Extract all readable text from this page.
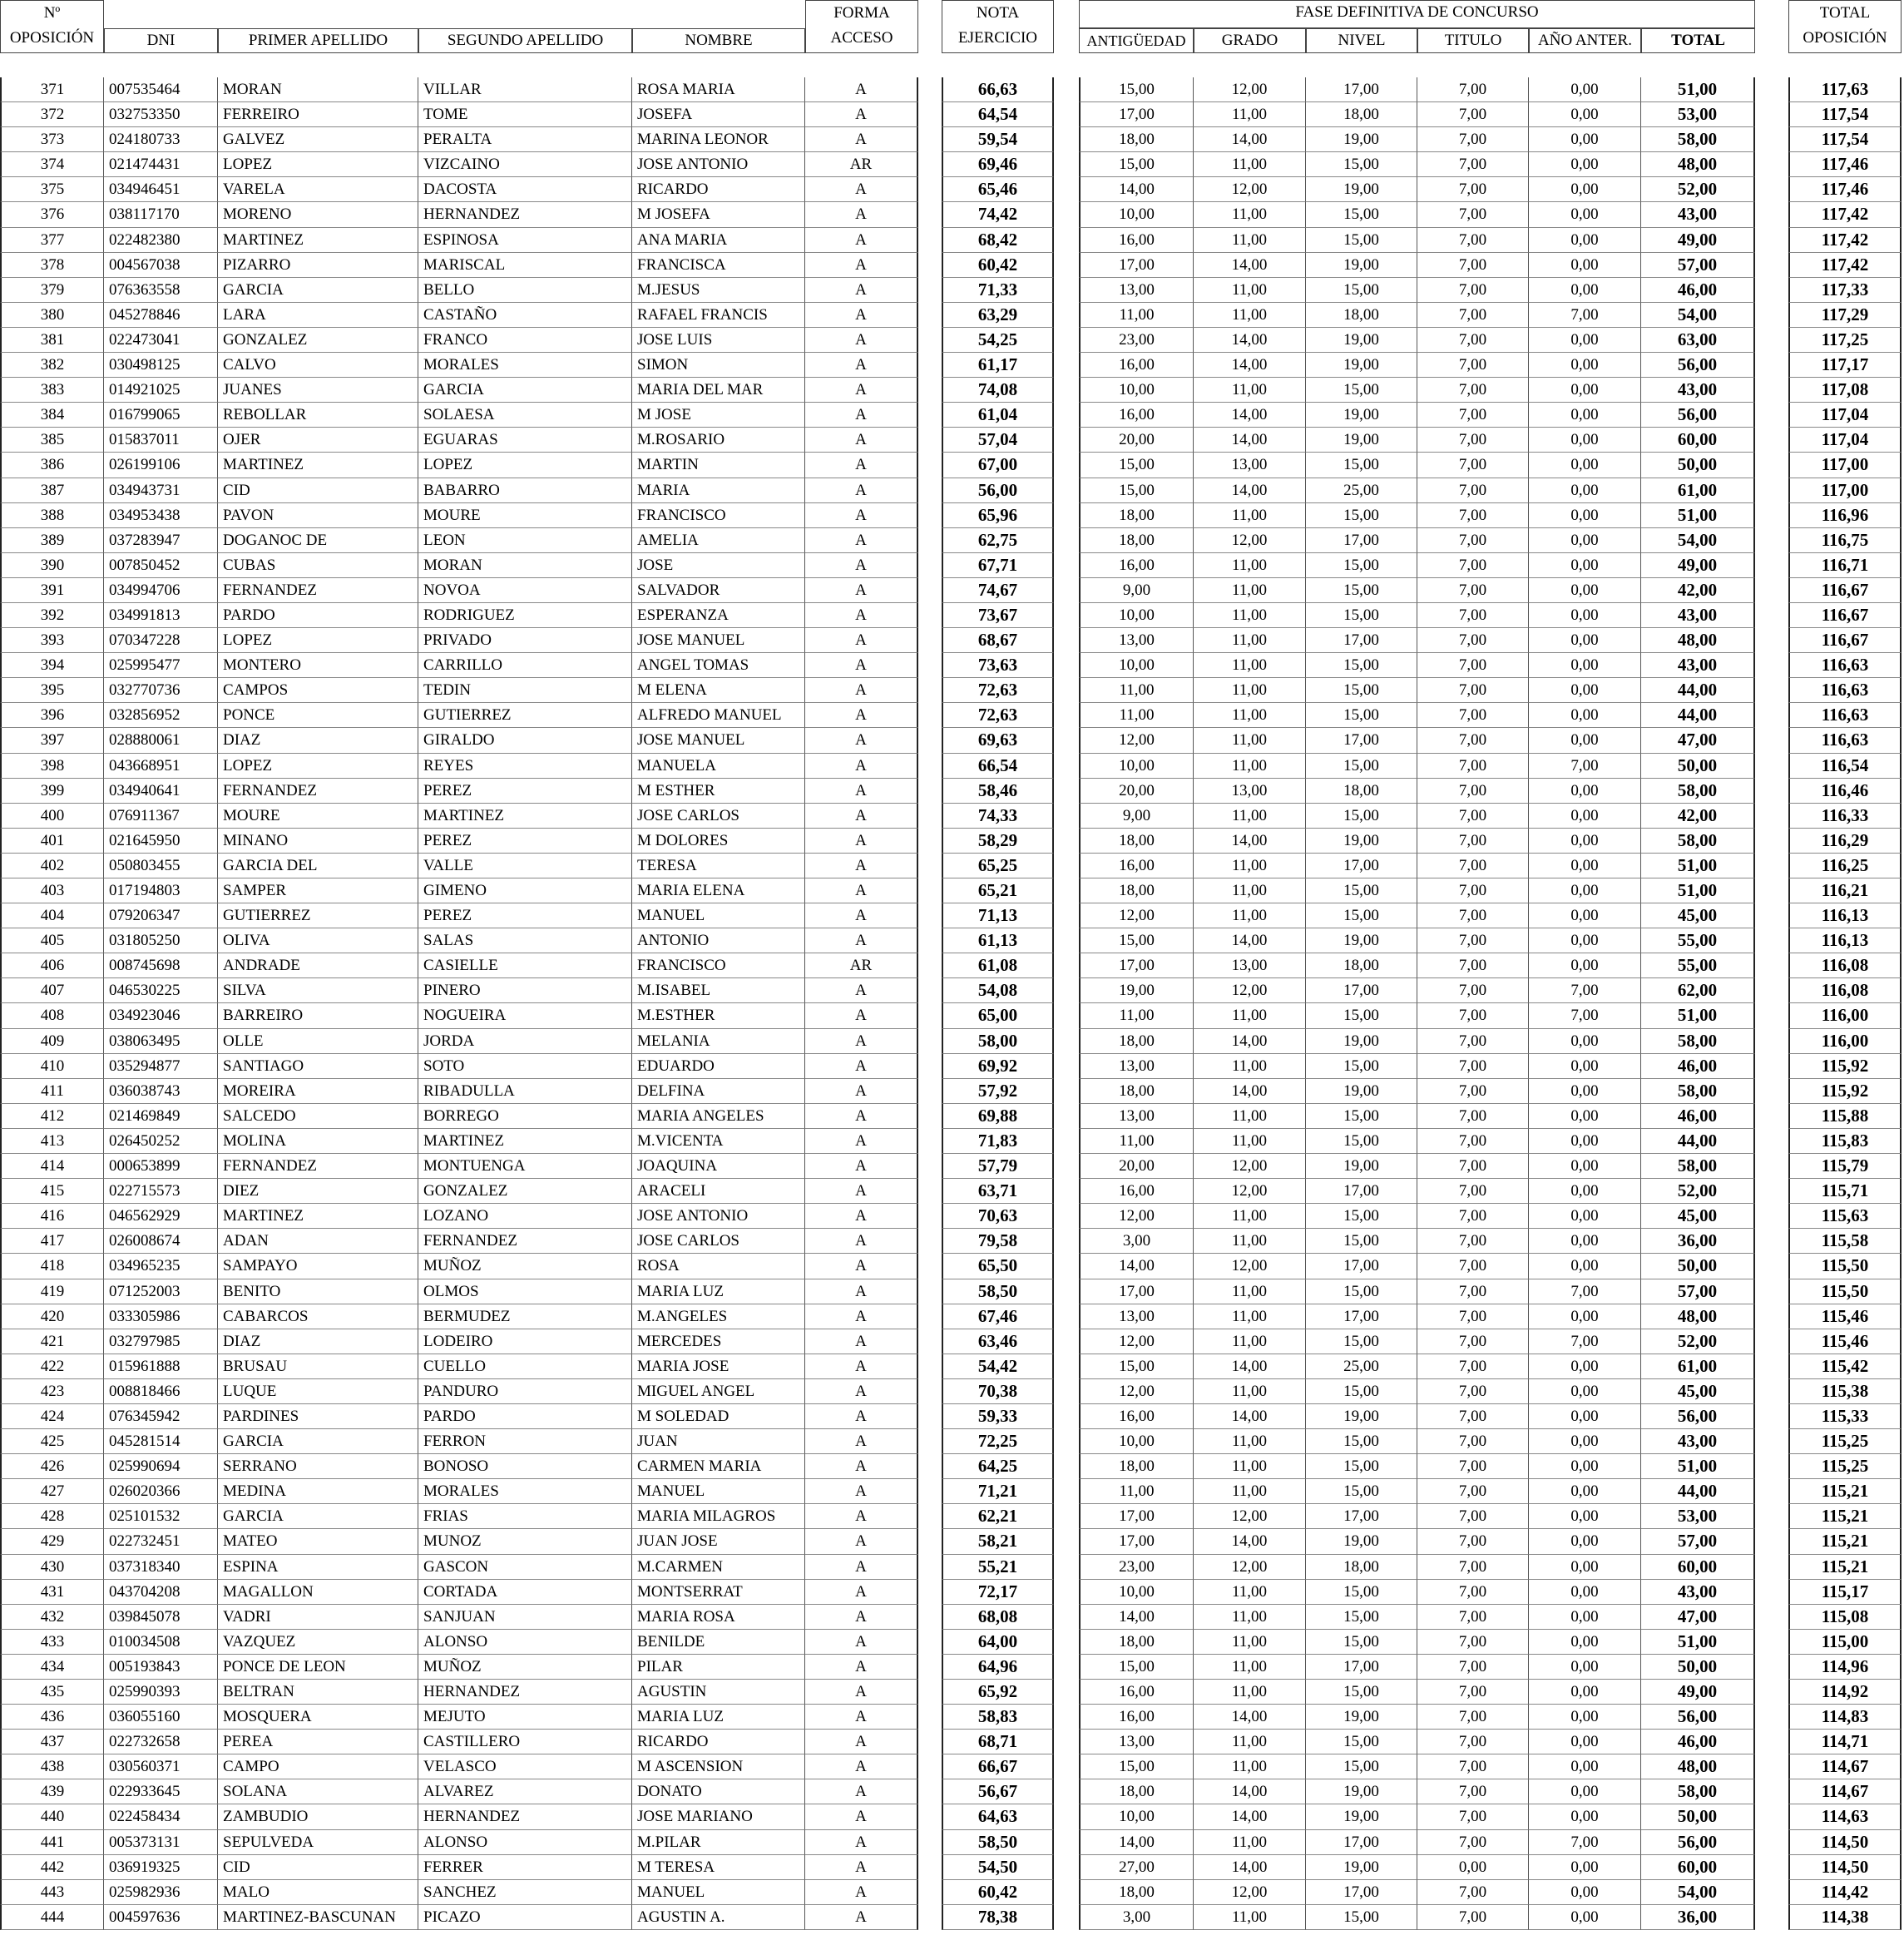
Nº
OPOSICIÓN	DNI	PRIMER APELLIDO	SEGUNDO APELLIDO	NOMBRE
FORMA
ACCESO
NOTA
EJERCICIO
FASE DEFINITIVA DE CONCURSO
ANTIGÜEDAD	GRADO	NIVEL	TITULO	AÑO ANTER.	TOTAL
TOTAL
OPOSICIÓN
371	007535464	MORAN	VILLAR	ROSA MARIA	A	66,63	15,00	12,00	17,00	7,00	0,00	51,00	117,63
372	032753350	FERREIRO	TOME	JOSEFA	A	64,54	17,00	11,00	18,00	7,00	0,00	53,00	117,54
373	024180733	GALVEZ	PERALTA	MARINA LEONOR	A	59,54	18,00	14,00	19,00	7,00	0,00	58,00	117,54
374	021474431	LOPEZ	VIZCAINO	JOSE ANTONIO	AR	69,46	15,00	11,00	15,00	7,00	0,00	48,00	117,46
375	034946451	VARELA	DACOSTA	RICARDO	A	65,46	14,00	12,00	19,00	7,00	0,00	52,00	117,46
376	038117170	MORENO	HERNANDEZ	M JOSEFA	A	74,42	10,00	11,00	15,00	7,00	0,00	43,00	117,42
377	022482380	MARTINEZ	ESPINOSA	ANA MARIA	A	68,42	16,00	11,00	15,00	7,00	0,00	49,00	117,42
378	004567038	PIZARRO	MARISCAL	FRANCISCA	A	60,42	17,00	14,00	19,00	7,00	0,00	57,00	117,42
379	076363558	GARCIA	BELLO	M.JESUS	A	71,33	13,00	11,00	15,00	7,00	0,00	46,00	117,33
380	045278846	LARA	CASTAÑO	RAFAEL FRANCIS	A	63,29	11,00	11,00	18,00	7,00	7,00	54,00	117,29
381	022473041	GONZALEZ	FRANCO	JOSE LUIS	A	54,25	23,00	14,00	19,00	7,00	0,00	63,00	117,25
382	030498125	CALVO	MORALES	SIMON	A	61,17	16,00	14,00	19,00	7,00	0,00	56,00	117,17
383	014921025	JUANES	GARCIA	MARIA DEL MAR	A	74,08	10,00	11,00	15,00	7,00	0,00	43,00	117,08
384	016799065	REBOLLAR	SOLAESA	M JOSE	A	61,04	16,00	14,00	19,00	7,00	0,00	56,00	117,04
385	015837011	OJER	EGUARAS	M.ROSARIO	A	57,04	20,00	14,00	19,00	7,00	0,00	60,00	117,04
386	026199106	MARTINEZ	LOPEZ	MARTIN	A	67,00	15,00	13,00	15,00	7,00	0,00	50,00	117,00
387	034943731	CID	BABARRO	MARIA	A	56,00	15,00	14,00	25,00	7,00	0,00	61,00	117,00
388	034953438	PAVON	MOURE	FRANCISCO	A	65,96	18,00	11,00	15,00	7,00	0,00	51,00	116,96
389	037283947	DOGANOC DE	LEON	AMELIA	A	62,75	18,00	12,00	17,00	7,00	0,00	54,00	116,75
390	007850452	CUBAS	MORAN	JOSE	A	67,71	16,00	11,00	15,00	7,00	0,00	49,00	116,71
391	034994706	FERNANDEZ	NOVOA	SALVADOR	A	74,67	9,00	11,00	15,00	7,00	0,00	42,00	116,67
392	034991813	PARDO	RODRIGUEZ	ESPERANZA	A	73,67	10,00	11,00	15,00	7,00	0,00	43,00	116,67
393	070347228	LOPEZ	PRIVADO	JOSE MANUEL	A	68,67	13,00	11,00	17,00	7,00	0,00	48,00	116,67
394	025995477	MONTERO	CARRILLO	ANGEL TOMAS	A	73,63	10,00	11,00	15,00	7,00	0,00	43,00	116,63
395	032770736	CAMPOS	TEDIN	M ELENA	A	72,63	11,00	11,00	15,00	7,00	0,00	44,00	116,63
396	032856952	PONCE	GUTIERREZ	ALFREDO MANUEL	A	72,63	11,00	11,00	15,00	7,00	0,00	44,00	116,63
397	028880061	DIAZ	GIRALDO	JOSE MANUEL	A	69,63	12,00	11,00	17,00	7,00	0,00	47,00	116,63
398	043668951	LOPEZ	REYES	MANUELA	A	66,54	10,00	11,00	15,00	7,00	7,00	50,00	116,54
399	034940641	FERNANDEZ	PEREZ	M ESTHER	A	58,46	20,00	13,00	18,00	7,00	0,00	58,00	116,46
400	076911367	MOURE	MARTINEZ	JOSE CARLOS	A	74,33	9,00	11,00	15,00	7,00	0,00	42,00	116,33
401	021645950	MINANO	PEREZ	M DOLORES	A	58,29	18,00	14,00	19,00	7,00	0,00	58,00	116,29
402	050803455	GARCIA DEL	VALLE	TERESA	A	65,25	16,00	11,00	17,00	7,00	0,00	51,00	116,25
403	017194803	SAMPER	GIMENO	MARIA ELENA	A	65,21	18,00	11,00	15,00	7,00	0,00	51,00	116,21
404	079206347	GUTIERREZ	PEREZ	MANUEL	A	71,13	12,00	11,00	15,00	7,00	0,00	45,00	116,13
405	031805250	OLIVA	SALAS	ANTONIO	A	61,13	15,00	14,00	19,00	7,00	0,00	55,00	116,13
406	008745698	ANDRADE	CASIELLE	FRANCISCO	AR	61,08	17,00	13,00	18,00	7,00	0,00	55,00	116,08
407	046530225	SILVA	PINERO	M.ISABEL	A	54,08	19,00	12,00	17,00	7,00	7,00	62,00	116,08
408	034923046	BARREIRO	NOGUEIRA	M.ESTHER	A	65,00	11,00	11,00	15,00	7,00	7,00	51,00	116,00
409	038063495	OLLE	JORDA	MELANIA	A	58,00	18,00	14,00	19,00	7,00	0,00	58,00	116,00
410	035294877	SANTIAGO	SOTO	EDUARDO	A	69,92	13,00	11,00	15,00	7,00	0,00	46,00	115,92
411	036038743	MOREIRA	RIBADULLA	DELFINA	A	57,92	18,00	14,00	19,00	7,00	0,00	58,00	115,92
412	021469849	SALCEDO	BORREGO	MARIA ANGELES	A	69,88	13,00	11,00	15,00	7,00	0,00	46,00	115,88
413	026450252	MOLINA	MARTINEZ	M.VICENTA	A	71,83	11,00	11,00	15,00	7,00	0,00	44,00	115,83
414	000653899	FERNANDEZ	MONTUENGA	JOAQUINA	A	57,79	20,00	12,00	19,00	7,00	0,00	58,00	115,79
415	022715573	DIEZ	GONZALEZ	ARACELI	A	63,71	16,00	12,00	17,00	7,00	0,00	52,00	115,71
416	046562929	MARTINEZ	LOZANO	JOSE ANTONIO	A	70,63	12,00	11,00	15,00	7,00	0,00	45,00	115,63
417	026008674	ADAN	FERNANDEZ	JOSE CARLOS	A	79,58	3,00	11,00	15,00	7,00	0,00	36,00	115,58
418	034965235	SAMPAYO	MUÑOZ	ROSA	A	65,50	14,00	12,00	17,00	7,00	0,00	50,00	115,50
419	071252003	BENITO	OLMOS	MARIA LUZ	A	58,50	17,00	11,00	15,00	7,00	7,00	57,00	115,50
420	033305986	CABARCOS	BERMUDEZ	M.ANGELES	A	67,46	13,00	11,00	17,00	7,00	0,00	48,00	115,46
421	032797985	DIAZ	LODEIRO	MERCEDES	A	63,46	12,00	11,00	15,00	7,00	7,00	52,00	115,46
422	015961888	BRUSAU	CUELLO	MARIA JOSE	A	54,42	15,00	14,00	25,00	7,00	0,00	61,00	115,42
423	008818466	LUQUE	PANDURO	MIGUEL ANGEL	A	70,38	12,00	11,00	15,00	7,00	0,00	45,00	115,38
424	076345942	PARDINES	PARDO	M SOLEDAD	A	59,33	16,00	14,00	19,00	7,00	0,00	56,00	115,33
425	045281514	GARCIA	FERRON	JUAN	A	72,25	10,00	11,00	15,00	7,00	0,00	43,00	115,25
426	025990694	SERRANO	BONOSO	CARMEN MARIA	A	64,25	18,00	11,00	15,00	7,00	0,00	51,00	115,25
427	026020366	MEDINA	MORALES	MANUEL	A	71,21	11,00	11,00	15,00	7,00	0,00	44,00	115,21
428	025101532	GARCIA	FRIAS	MARIA MILAGROS	A	62,21	17,00	12,00	17,00	7,00	0,00	53,00	115,21
429	022732451	MATEO	MUNOZ	JUAN JOSE	A	58,21	17,00	14,00	19,00	7,00	0,00	57,00	115,21
430	037318340	ESPINA	GASCON	M.CARMEN	A	55,21	23,00	12,00	18,00	7,00	0,00	60,00	115,21
431	043704208	MAGALLON	CORTADA	MONTSERRAT	A	72,17	10,00	11,00	15,00	7,00	0,00	43,00	115,17
432	039845078	VADRI	SANJUAN	MARIA ROSA	A	68,08	14,00	11,00	15,00	7,00	0,00	47,00	115,08
433	010034508	VAZQUEZ	ALONSO	BENILDE	A	64,00	18,00	11,00	15,00	7,00	0,00	51,00	115,00
434	005193843	PONCE DE LEON	MUÑOZ	PILAR	A	64,96	15,00	11,00	17,00	7,00	0,00	50,00	114,96
435	025990393	BELTRAN	HERNANDEZ	AGUSTIN	A	65,92	16,00	11,00	15,00	7,00	0,00	49,00	114,92
436	036055160	MOSQUERA	MEJUTO	MARIA LUZ	A	58,83	16,00	14,00	19,00	7,00	0,00	56,00	114,83
437	022732658	PEREA	CASTILLERO	RICARDO	A	68,71	13,00	11,00	15,00	7,00	0,00	46,00	114,71
438	030560371	CAMPO	VELASCO	M ASCENSION	A	66,67	15,00	11,00	15,00	7,00	0,00	48,00	114,67
439	022933645	SOLANA	ALVAREZ	DONATO	A	56,67	18,00	14,00	19,00	7,00	0,00	58,00	114,67
440	022458434	ZAMBUDIO	HERNANDEZ	JOSE MARIANO	A	64,63	10,00	14,00	19,00	7,00	0,00	50,00	114,63
441	005373131	SEPULVEDA	ALONSO	M.PILAR	A	58,50	14,00	11,00	17,00	7,00	7,00	56,00	114,50
442	036919325	CID	FERRER	M TERESA	A	54,50	27,00	14,00	19,00	0,00	0,00	60,00	114,50
443	025982936	MALO	SANCHEZ	MANUEL	A	60,42	18,00	12,00	17,00	7,00	0,00	54,00	114,42
444	004597636	MARTINEZ-BASCUNAN	PICAZO	AGUSTIN A.	A	78,38	3,00	11,00	15,00	7,00	0,00	36,00	114,38
